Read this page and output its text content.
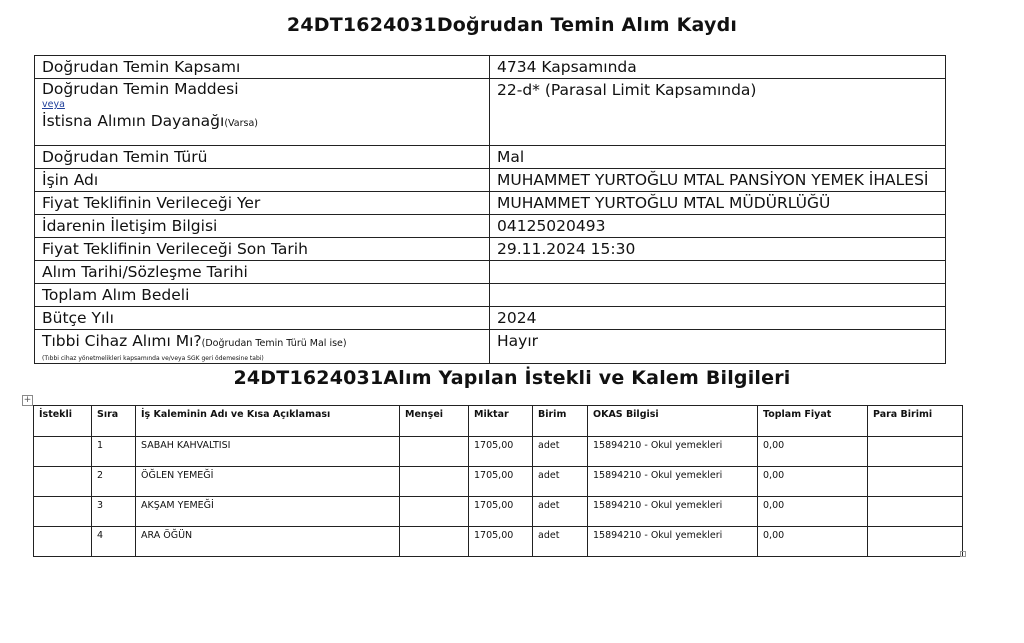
24DT1624031Doğrudan Temin Alım Kaydı
Doğrudan Temin Kapsamı	4734 Kapsamında

Doğrudan Temin Maddesi
veya
İstisna Alımın Dayanağı(Varsa)	22-d* (Parasal Limit Kapsamında)
Doğrudan Temin Türü	Mal
İşin Adı	MUHAMMET YURTOĞLU MTAL PANSİYON YEMEK İHALESİ
Fiyat Teklifinin Verileceği Yer	MUHAMMET YURTOĞLU MTAL MÜDÜRLÜĞÜ
İdarenin İletişim Bilgisi	04125020493
Fiyat Teklifinin Verileceği Son Tarih	29.11.2024 15:30
Alım Tarihi/Sözleşme Tarihi	
Toplam Alım Bedeli	
Bütçe Yılı	2024

Tıbbi Cihaz Alımı Mı?(Doğrudan Temin Türü Mal ise)
(Tıbbi cihaz yönetmelikleri kapsamında ve/veya SGK geri ödemesine tabi)	Hayır
24DT1624031Alım Yapılan İstekli ve Kalem Bilgileri
+
İstekli	Sıra	İş Kaleminin Adı ve Kısa Açıklaması	Menşei	Miktar	Birim	OKAS Bilgisi	Toplam Fiyat	Para Birimi
	1	SABAH KAHVALTISI		1705,00	adet	15894210 - Okul yemekleri	0,00	
	2	ÖĞLEN YEMEĞİ		1705,00	adet	15894210 - Okul yemekleri	0,00	
	3	AKŞAM YEMEĞİ		1705,00	adet	15894210 - Okul yemekleri	0,00	
	4	ARA ÖĞÜN		1705,00	adet	15894210 - Okul yemekleri	0,00	
